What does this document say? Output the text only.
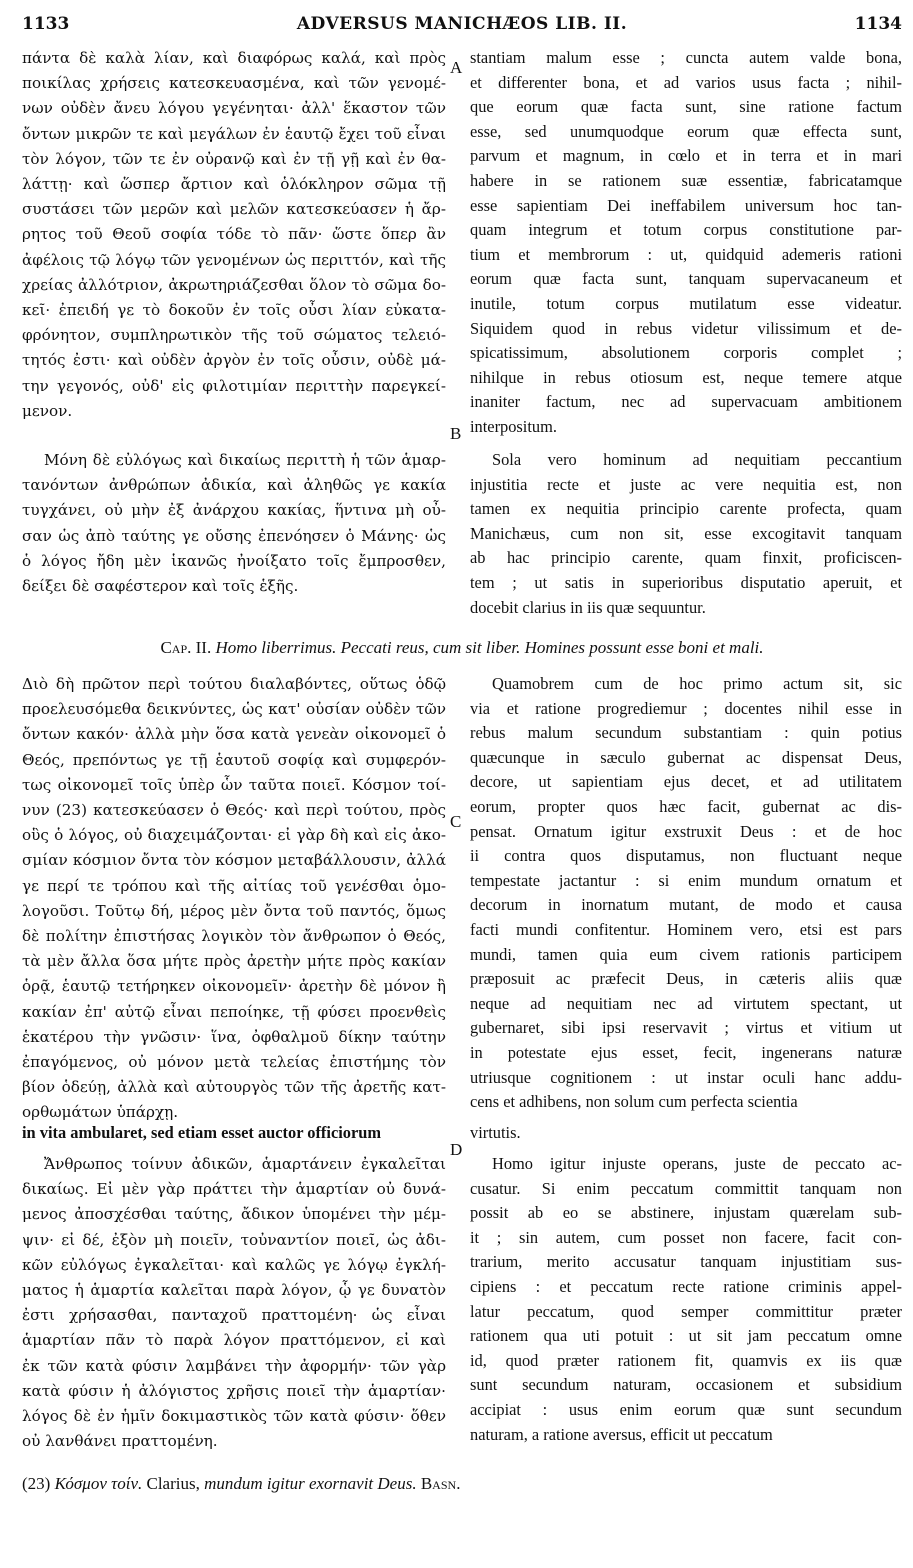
1133	ADVERSUS MANICHÆOS LIB. II.	1134
πάντα δὲ καλὰ λίαν, καὶ διαφόρως καλά, καὶ πρὸς
ποικίλας χρήσεις κατεσκευασμένα, καὶ τῶν γενομέ-
νων οὐδὲν ἄνευ λόγου γεγένηται· ἀλλ' ἕκαστον τῶν
ὄντων μικρῶν τε καὶ μεγάλων ἐν ἑαυτῷ ἔχει τοῦ εἶναι
τὸν λόγον, τῶν τε ἐν οὐρανῷ καὶ ἐν τῇ γῇ καὶ ἐν θα-
λάττῃ· καὶ ὥσπερ ἄρτιον καὶ ὁλόκληρον σῶμα τῇ
συστάσει τῶν μερῶν καὶ μελῶν κατεσκεύασεν ἡ ἄρ-
ρητος τοῦ Θεοῦ σοφία τόδε τὸ πᾶν· ὥστε ὅπερ ἂν
ἀφέλοις τῷ λόγῳ τῶν γενομένων ὡς περιττόν, καὶ τῆς
χρείας ἀλλότριον, ἀκρωτηριάζεσθαι ὅλον τὸ σῶμα δο-
κεῖ· ἐπειδή γε τὸ δοκοῦν ἐν τοῖς οὖσι λίαν εὐκατα-
φρόνητον, συμπληρωτικὸν τῆς τοῦ σώματος τελειό-
τητός ἐστι· καὶ οὐδὲν ἀργὸν ἐν τοῖς οὖσιν, οὐδὲ μά-
την γεγονός, οὐδ' εἰς φιλοτιμίαν περιττὴν παρεγκεί-
μενον.
stantiam malum esse ; cuncta autem valde bona,
et differenter bona, et ad varios usus facta ; nihil-
que eorum quæ facta sunt, sine ratione factum
esse, sed unumquodque eorum quæ effecta sunt,
parvum et magnum, in cœlo et in terra et in mari
habere in se rationem suæ essentiæ, fabricatamque
esse sapientiam Dei ineffabilem universum hoc tan-
quam integrum et totum corpus constitutione par-
tium et membrorum : ut, quidquid ademeris rationi
eorum quæ facta sunt, tanquam supervacaneum et
inutile, totum corpus mutilatum esse videatur.
Siquidem quod in rebus videtur vilissimum et de-
spicatissimum, absolutionem corporis complet ;
nihilque in rebus otiosum est, neque temere atque
inaniter factum, nec ad supervacuam ambitionem
interpositum.
Μόνη δὲ εὐλόγως καὶ δικαίως περιττὴ ἡ τῶν ἁμαρ-
τανόντων ἀνθρώπων ἀδικία, καὶ ἀληθῶς γε κακία
τυγχάνει, οὐ μὴν ἐξ ἀνάρχου κακίας, ἥντινα μὴ οὖ-
σαν ὡς ἀπὸ ταύτης γε οὔσης ἐπενόησεν ὁ Μάνης· ὡς
ὁ λόγος ἤδη μὲν ἱκανῶς ἠνοίξατο τοῖς ἔμπροσθεν,
δείξει δὲ σαφέστερον καὶ τοῖς ἑξῆς.
Sola vero hominum ad nequitiam peccantium
injustitia recte et juste ac vere nequitia est, non
tamen ex nequitia principio carente profecta, quam
Manichæus, cum non sit, esse excogitavit tanquam
ab hac principio carente, quam finxit, proficiscen-
tem ; ut satis in superioribus disputatio aperuit, et
docebit clarius in iis quæ sequuntur.
A
B
C
D
Cap. II. Homo liberrimus. Peccati reus, cum sit liber. Homines possunt esse boni et mali.
Διὸ δὴ πρῶτον περὶ τούτου διαλαβόντες, οὕτως ὁδῷ
προελευσόμεθα δεικνύντες, ὡς κατ' οὐσίαν οὐδὲν τῶν
ὄντων κακόν· ἀλλὰ μὴν ὅσα κατὰ γενεὰν οἰκονομεῖ ὁ
Θεός, πρεπόντως γε τῇ ἑαυτοῦ σοφίᾳ καὶ συμφερόν-
τως οἰκονομεῖ τοῖς ὑπὲρ ὧν ταῦτα ποιεῖ. Κόσμον τοί-
νυν (23) κατεσκεύασεν ὁ Θεός· καὶ περὶ τούτου, πρὸς
οὓς ὁ λόγος, οὐ διαχειμάζονται· εἰ γὰρ δὴ καὶ εἰς ἀκο-
σμίαν κόσμιον ὄντα τὸν κόσμον μεταβάλλουσιν, ἀλλά
γε περί τε τρόπου καὶ τῆς αἰτίας τοῦ γενέσθαι ὁμο-
λογοῦσι. Τοῦτῳ δή, μέρος μὲν ὄντα τοῦ παντός, ὅμως
δὲ πολίτην ἐπιστήσας λογικὸν τὸν ἄνθρωπον ὁ Θεός,
τὰ μὲν ἄλλα ὅσα μήτε πρὸς ἀρετὴν μήτε πρὸς κακίαν
ὁρᾷ, ἑαυτῷ τετήρηκεν οἰκονομεῖν· ἀρετὴν δὲ μόνον ἢ
κακίαν ἐπ' αὐτῷ εἶναι πεποίηκε, τῇ φύσει προενθεὶς
ἑκατέρου τὴν γνῶσιν· ἵνα, ὀφθαλμοῦ δίκην ταύτην
ἐπαγόμενος, οὐ μόνον μετὰ τελείας ἐπιστήμης τὸν
βίον ὁδεύῃ, ἀλλὰ καὶ αὐτουργὸς τῶν τῆς ἀρετῆς κατ-
ορθωμάτων ὑπάρχῃ.
Quamobrem cum de hoc primo actum sit, sic
via et ratione progrediemur ; docentes nihil esse in
rebus malum secundum substantiam : quin potius
quæcunque in sæculo gubernat ac dispensat Deus,
decore, ut sapientiam ejus decet, et ad utilitatem
eorum, propter quos hæc facit, gubernat ac dis-
pensat. Ornatum igitur exstruxit Deus : et de hoc
ii contra quos disputamus, non fluctuant neque
tempestate jactantur : si enim mundum ornatum et
decorum in inornatum mutant, de modo et causa
facti mundi confitentur. Hominem vero, etsi est pars
mundi, tamen quia eum civem rationis participem
præposuit ac præfecit Deus, in cæteris aliis quæ
neque ad nequitiam nec ad virtutem spectant, ut
gubernaret, sibi ipsi reservavit ; virtus et vitium ut
in potestate ejus esset, fecit, ingenerans naturæ
utriusque cognitionem : ut instar oculi hanc addu-
cens et adhibens, non solum cum perfecta scientia
in vita ambularet, sed etiam esset auctor officiorum	virtutis.
Ἄνθρωπος τοίνυν ἀδικῶν, ἁμαρτάνειν ἐγκαλεῖται
δικαίως. Εἰ μὲν γὰρ πράττει τὴν ἁμαρτίαν οὐ δυνά-
μενος ἀποσχέσθαι ταύτης, ἄδικον ὑπομένει τὴν μέμ-
ψιν· εἰ δέ, ἐξὸν μὴ ποιεῖν, τοὐναντίον ποιεῖ, ὡς ἀδι-
κῶν εὐλόγως ἐγκαλεῖται· καὶ καλῶς γε λόγῳ ἐγκλή-
ματος ἡ ἁμαρτία καλεῖται παρὰ λόγον, ᾧ γε δυνατὸν
ἐστι χρήσασθαι, πανταχοῦ πραττομένη· ὡς εἶναι
ἁμαρτίαν πᾶν τὸ παρὰ λόγον πραττόμενον, εἰ καὶ
ἐκ τῶν κατὰ φύσιν λαμβάνει τὴν ἀφορμήν· τῶν γὰρ
κατὰ φύσιν ἡ ἀλόγιστος χρῆσις ποιεῖ τὴν ἁμαρτίαν·
λόγος δὲ ἐν ἡμῖν δοκιμαστικὸς τῶν κατὰ φύσιν· ὅθεν
οὐ λανθάνει πραττομένη.
Homo igitur injuste operans, juste de peccato ac-
cusatur. Si enim peccatum committit tanquam non
possit ab eo se abstinere, injustam quærelam sub-
it ; sin autem, cum posset non facere, facit con-
trarium, merito accusatur tanquam injustitiam sus-
cipiens : et peccatum recte ratione criminis appel-
latur peccatum, quod semper committitur præter
rationem qua uti potuit : ut sit jam peccatum omne
id, quod præter rationem fit, quamvis ex iis quæ
sunt secundum naturam, occasionem et subsidium
accipiat : usus enim eorum quæ sunt secundum
naturam, a ratione aversus, efficit ut peccatum
(23) Κόσμον τοίν. Clarius, mundum igitur exornavit Deus. Basn.
